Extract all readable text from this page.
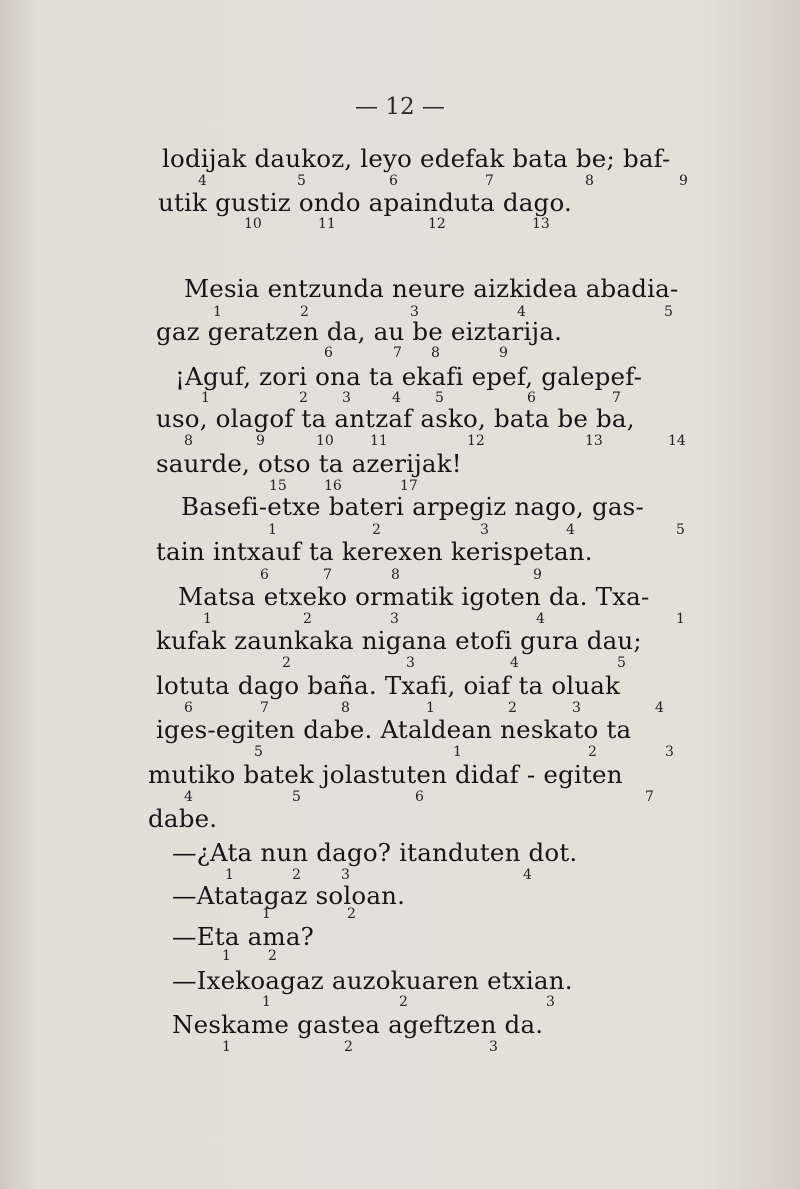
— 12 —
lodijak daukoz, leyo edefak bata be; baf-
4	5	6	7	8	9
utik gustiz ondo apainduta dago.
10	11	12	13
Mesia entzunda neure aizkidea abadia-
1	2	3	4	5
gaz geratzen da, au be eiztarija.
6	7 8	9
¡Aguf, zori ona ta ekafi epef, galepef-
1	2 3	4 5	6	7
uso, olagof ta antzaf asko, bata be ba,
8	9	10	11	12	13	14
saurde, otso ta azerijak!
15	16	17
Basefi-etxe bateri arpegiz nago, gas-
1	2	3	4	5
tain intxauf ta kerexen kerispetan.
6	7	8	9
Matsa etxeko ormatik igoten da. Txa-
1	2	3	4	1
kufak zaunkaka nigana etofi gura dau;
2	3	4	5
lotuta dago baña. Txafi, oiaf ta oluak
6	7	8	1	2	3	4
iges-egiten dabe. Ataldean neskato ta
5	1	2	3
mutiko batek jolastuten didaf - egiten
4	5	6	7
dabe.
—¿Ata nun dago? itanduten dot.
1	2	3	4
—Atatagaz soloan.
1	2
—Eta ama?
1	2
—Ixekoagaz auzokuaren etxian.
1	2	3
Neskame gastea ageftzen da.
1	2	3
